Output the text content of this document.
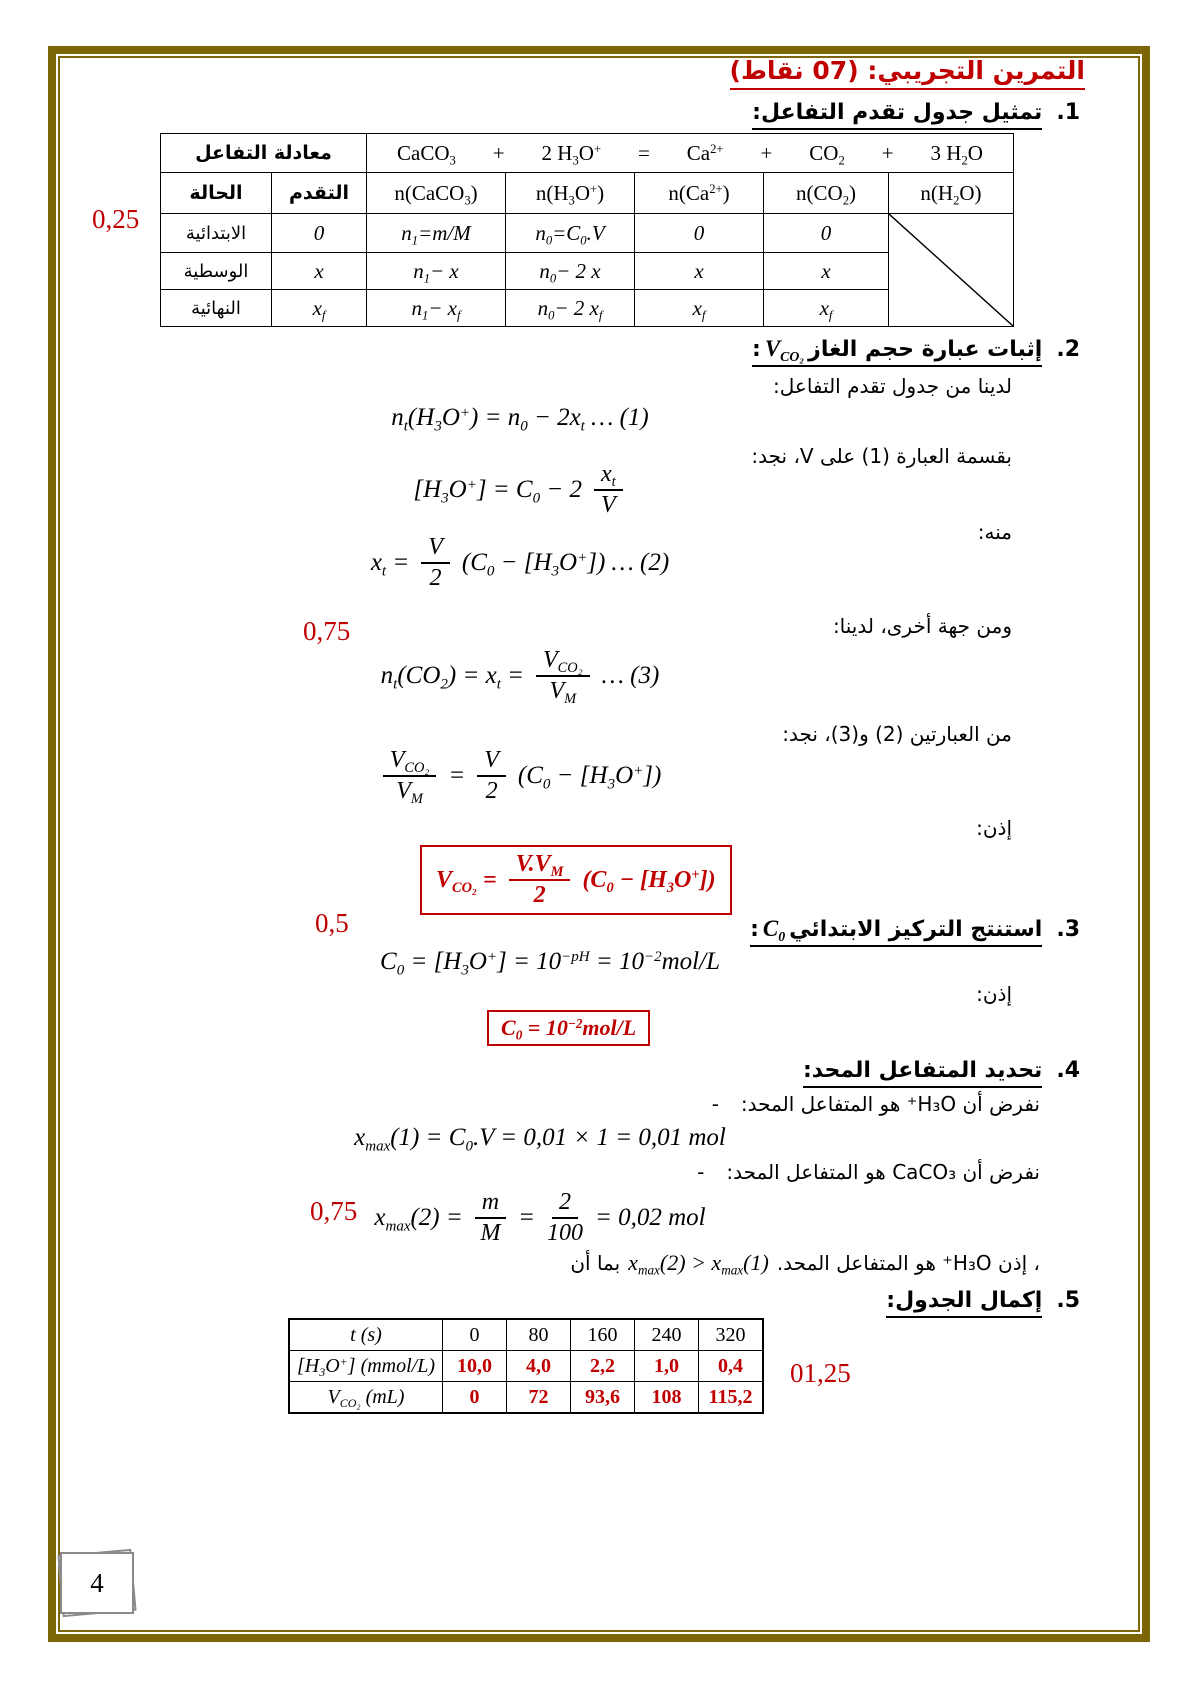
التمرين التجريبي: (07 نقاط)
1.
تمثيل جدول تقدم التفاعل:
معادلة التفاعل	CaCO$_3$ + 2 $H_3O^+ = Ca^{2+} + CO_2 + 3$ $H_2O$

الحالة	التقدم	n(CaCO$_3$)	$n(H_3O^+)$	$n(Ca^{2+})$	$n(CO_2)$	$n(H_2O)$
الابتدائية	0	$n_1=m/M$	$n_0=C_0.V$	0	0	

الوسطية	x	$n_1- x$	$n_0- 2$ x	x	x	
النهائية	$x_f$	$n_1- x_f$	$n_0- 2$ $x_f$	$x_f$	$x_f$
0,25
0,75
0,5
0,75
01,25
2.
إثبات عبارة حجم الغاز
$V_{CO_2}$
:
لدينا من جدول تقدم التفاعل:
$n_t(H_3O^+) = n_0 - 2x_t$ … (1)
بقسمة العبارة (1) على V، نجد:
$[H_3O^+] = C_0 - 2 \frac{x_t}{V}$
منه:
$x_t = \frac{V}{2} (C_0 - [H_3O^+])$ … (2)
ومن جهة أخرى، لدينا:
$n_t(CO_2) = x_t = \frac{V_{CO_2}}{V_M}$ … (3)
من العبارتين (2) و(3)، نجد:
$\frac{V_{CO_2}}{V_M} = \frac{V}{2} (C_0 - [H_3O^+])$
إذن:
$V_{CO_2} = \frac{V.V_M}{2} (C_0 - [H_3O^+])$
3.
استنتج التركيز الابتدائي
$C_0$
:
$C_0 = [H_3O^+] = 10^{-pH} = 10^{-2}mol/L$
إذن:
$C_0 = 10^{-2}mol/L$
4.
تحديد المتفاعل المحد:
- نفرض أن H₃O⁺ هو المتفاعل المحد:
$x_{max}(1) = C_0.V = 0,01 \times 1 = 0,01$ mol
- نفرض أن CaCO₃ هو المتفاعل المحد:
$x_{max}(2) = \frac{m}{M} = \frac{2}{100} = 0,02$ mol
بما أن $x_{max}(2) > x_{max}(1)$ ، إذن H₃O⁺ هو المتفاعل المحد.
5.
إكمال الجدول:
t (s)	0	80	160	240	320
$[H_3O^+]$ (mmol/L)	10,0	4,0	2,2	1,0	0,4
$V_{CO_2}$ (mL)	0	72	93,6	108	115,2
4
